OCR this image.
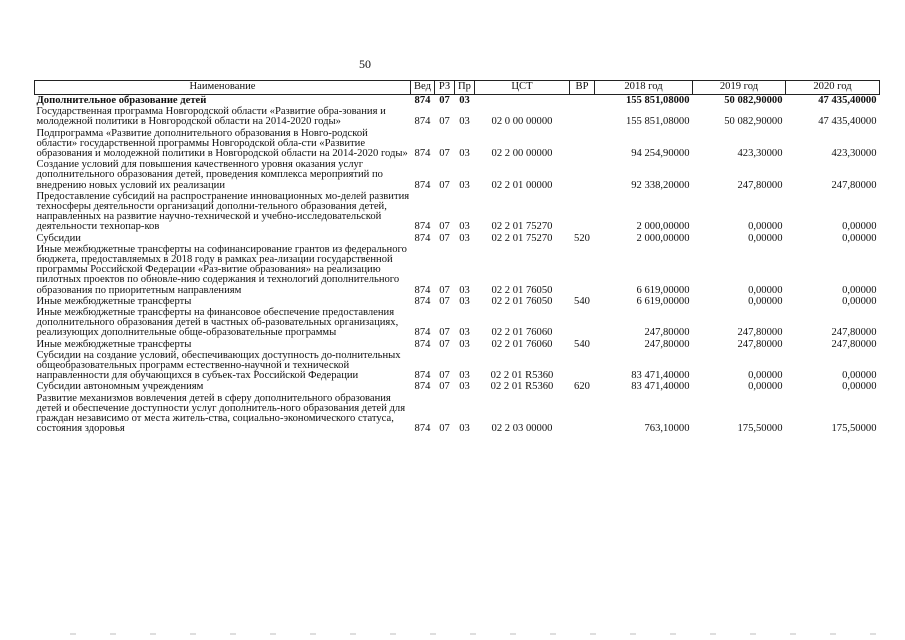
50
Наименование	Вед	РЗ	Пр	ЦСТ	ВР	2018 год	2019 год	2020 год
Дополнительное образование детей	874	07	03			155 851,08000	50 082,90000	47 435,40000
Государственная программа Новгородской области «Развитие обра-зования и молодежной политики в Новгородской области на 2014-2020 годы»	874	07	03	02 0 00 00000		155 851,08000	50 082,90000	47 435,40000
Подпрограмма «Развитие дополнительного образования в Новго-родской области» государственной программы Новгородской обла-сти «Развитие образования и молодежной политики в Новгородской области на 2014-2020 годы»	874	07	03	02 2 00 00000		94 254,90000	423,30000	423,30000
Создание условий для повышения качественного уровня оказания услуг дополнительного образования детей, проведения комплекса мероприятий по внедрению новых условий их реализации	874	07	03	02 2 01 00000		92 338,20000	247,80000	247,80000
Предоставление субсидий на распространение инновационных мо-делей развития техносферы деятельности организаций дополни-тельного образования детей, направленных на развитие научно-технической и учебно-исследовательской деятельности технопар-ков	874	07	03	02 2 01 75270		2 000,00000	0,00000	0,00000
Субсидии	874	07	03	02 2 01 75270	520	2 000,00000	0,00000	0,00000
Иные межбюджетные трансферты на софинансирование грантов из федерального бюджета, предоставляемых в 2018 году в рамках реа-лизации государственной программы Российской Федерации «Раз-витие образования» на реализацию пилотных проектов по обновле-нию содержания и технологий дополнительного образования по приоритетным направлениям	874	07	03	02 2 01 76050		6 619,00000	0,00000	0,00000
Иные межбюджетные трансферты	874	07	03	02 2 01 76050	540	6 619,00000	0,00000	0,00000
Иные межбюджетные трансферты на финансовое обеспечение предоставления дополнительного образования детей в частных об-разовательных организациях, реализующих дополнительные обще-образовательные программы	874	07	03	02 2 01 76060		247,80000	247,80000	247,80000
Иные межбюджетные трансферты	874	07	03	02 2 01 76060	540	247,80000	247,80000	247,80000
Субсидии на создание условий, обеспечивающих доступность до-полнительных общеобразовательных программ естественно-научной и технической направленности для обучающихся в субъек-тах Российской Федерации	874	07	03	02 2 01 R5360		83 471,40000	0,00000	0,00000
Субсидии автономным учреждениям	874	07	03	02 2 01 R5360	620	83 471,40000	0,00000	0,00000
Развитие механизмов вовлечения детей в сферу дополнительного образования детей и обеспечение доступности услуг дополнитель-ного образования детей для граждан независимо от места житель-ства, социально-экономического статуса, состояния здоровья	874	07	03	02 2 03 00000		763,10000	175,50000	175,50000
